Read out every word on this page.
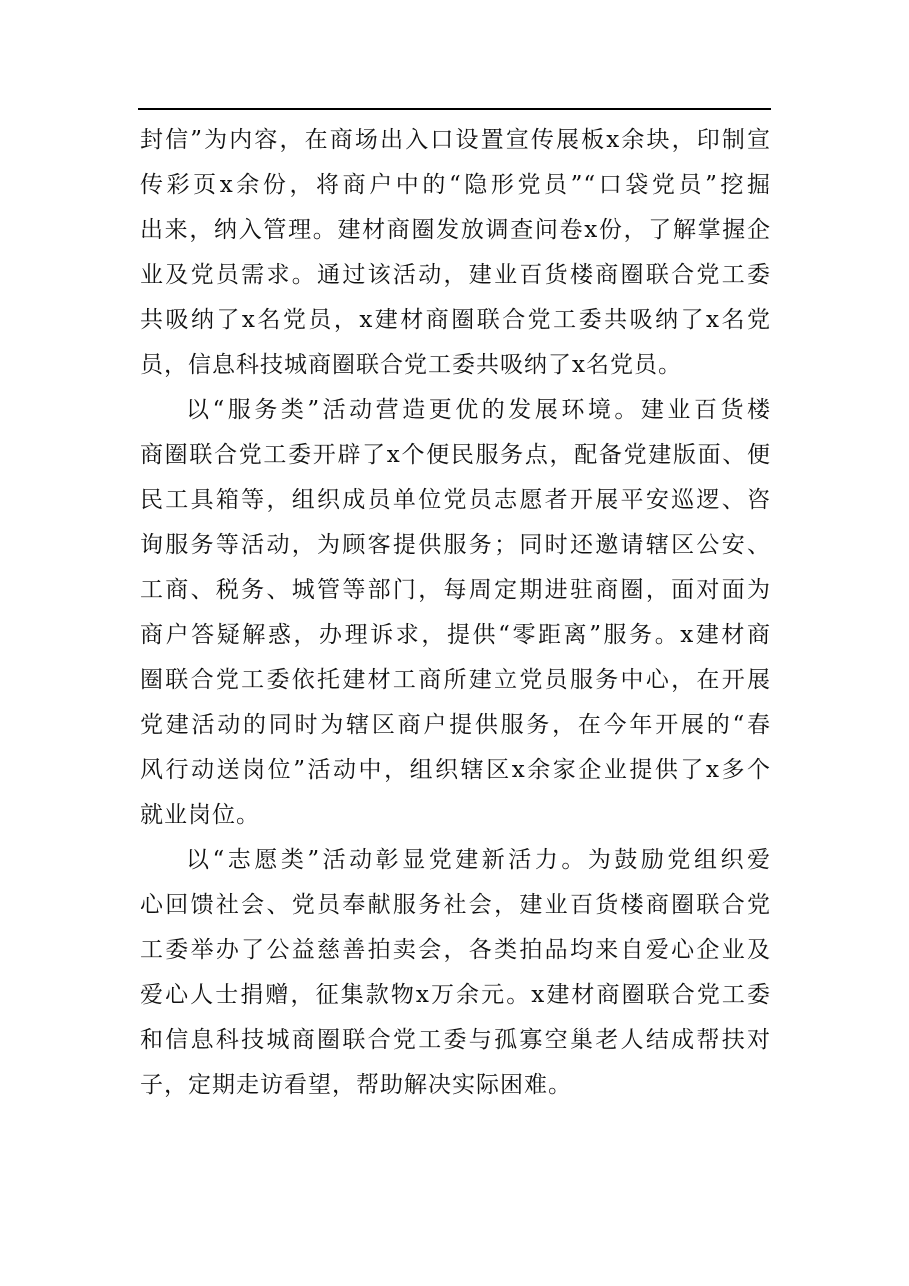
封信”为内容，在商场出入口设置宣传展板x余块，印制宣
传彩页x余份，将商户中的“隐形党员”“口袋党员”挖掘
出来，纳入管理。建材商圈发放调查问卷x份，了解掌握企
业及党员需求。通过该活动，建业百货楼商圈联合党工委
共吸纳了x名党员，x建材商圈联合党工委共吸纳了x名党
员，信息科技城商圈联合党工委共吸纳了x名党员。
以“服务类”活动营造更优的发展环境。建业百货楼
商圈联合党工委开辟了x个便民服务点，配备党建版面、便
民工具箱等，组织成员单位党员志愿者开展平安巡逻、咨
询服务等活动，为顾客提供服务；同时还邀请辖区公安、
工商、税务、城管等部门，每周定期进驻商圈，面对面为
商户答疑解惑，办理诉求，提供“零距离”服务。x建材商
圈联合党工委依托建材工商所建立党员服务中心，在开展
党建活动的同时为辖区商户提供服务，在今年开展的“春
风行动送岗位”活动中，组织辖区x余家企业提供了x多个
就业岗位。
以“志愿类”活动彰显党建新活力。为鼓励党组织爱
心回馈社会、党员奉献服务社会，建业百货楼商圈联合党
工委举办了公益慈善拍卖会，各类拍品均来自爱心企业及
爱心人士捐赠，征集款物x万余元。x建材商圈联合党工委
和信息科技城商圈联合党工委与孤寡空巢老人结成帮扶对
子，定期走访看望，帮助解决实际困难。
